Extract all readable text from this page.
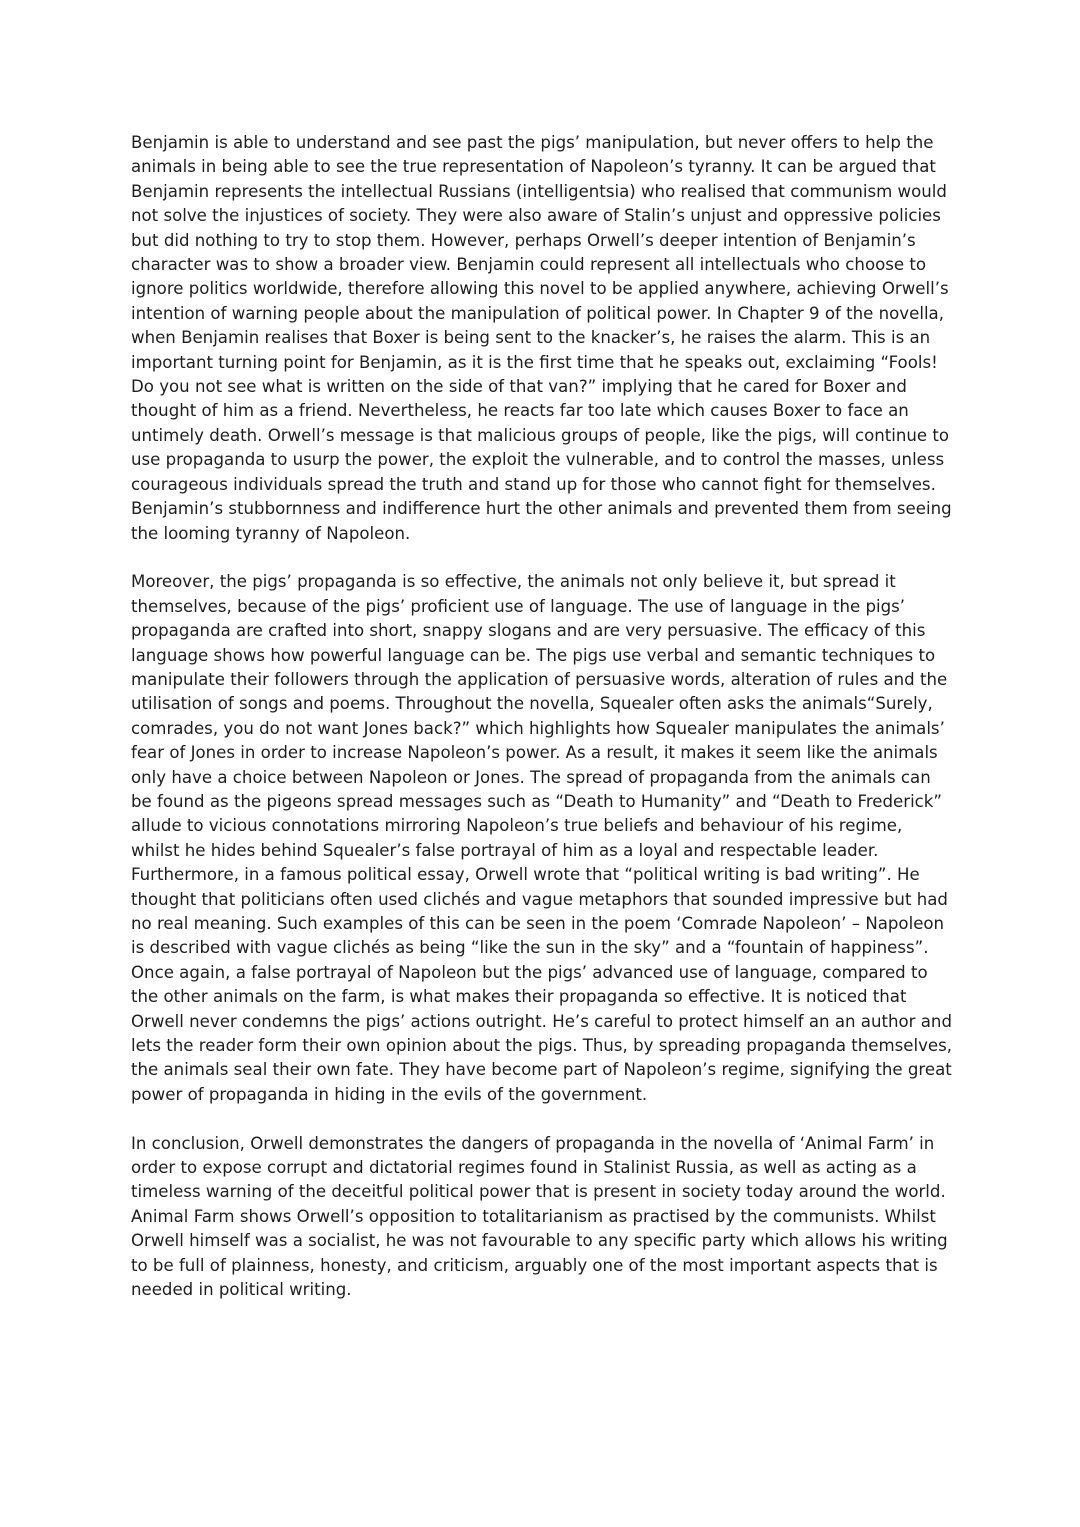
Benjamin is able to understand and see past the pigs’ manipulation, but never offers to help the animals in being able to see the true representation of Napoleon’s tyranny. It can be argued that Benjamin represents the intellectual Russians (intelligentsia) who realised that communism would not solve the injustices of society. They were also aware of Stalin’s unjust and oppressive policies but did nothing to try to stop them. However, perhaps Orwell’s deeper intention of Benjamin’s character was to show a broader view. Benjamin could represent all intellectuals who choose to ignore politics worldwide, therefore allowing this novel to be applied anywhere, achieving Orwell’s intention of warning people about the manipulation of political power. In Chapter 9 of the novella, when Benjamin realises that Boxer is being sent to the knacker’s, he raises the alarm. This is an important turning point for Benjamin, as it is the first time that he speaks out, exclaiming “Fools! Do you not see what is written on the side of that van?” implying that he cared for Boxer and thought of him as a friend. Nevertheless, he reacts far too late which causes Boxer to face an untimely death. Orwell’s message is that malicious groups of people, like the pigs, will continue to use propaganda to usurp the power, the exploit the vulnerable, and to control the masses, unless courageous individuals spread the truth and stand up for those who cannot fight for themselves. Benjamin’s stubbornness and indifference hurt the other animals and prevented them from seeing the looming tyranny of Napoleon.

Moreover, the pigs’ propaganda is so effective, the animals not only believe it, but spread it themselves, because of the pigs’ proficient use of language. The use of language in the pigs’ propaganda are crafted into short, snappy slogans and are very persuasive. The efficacy of this language shows how powerful language can be. The pigs use verbal and semantic techniques to manipulate their followers through the application of persuasive words, alteration of rules and the utilisation of songs and poems. Throughout the novella, Squealer often asks the animals“Surely, comrades, you do not want Jones back?” which highlights how Squealer manipulates the animals’ fear of Jones in order to increase Napoleon’s power. As a result, it makes it seem like the animals only have a choice between Napoleon or Jones. The spread of propaganda from the animals can be found as the pigeons spread messages such as “Death to Humanity” and “Death to Frederick” allude to vicious connotations mirroring Napoleon’s true beliefs and behaviour of his regime, whilst he hides behind Squealer’s false portrayal of him as a loyal and respectable leader. Furthermore, in a famous political essay, Orwell wrote that “political writing is bad writing”. He thought that politicians often used clichés and vague metaphors that sounded impressive but had no real meaning. Such examples of this can be seen in the poem ‘Comrade Napoleon’ – Napoleon is described with vague clichés as being “like the sun in the sky” and a “fountain of happiness”. Once again, a false portrayal of Napoleon but the pigs’ advanced use of language, compared to the other animals on the farm, is what makes their propaganda so effective. It is noticed that Orwell never condemns the pigs’ actions outright. He’s careful to protect himself an an author and lets the reader form their own opinion about the pigs. Thus, by spreading propaganda themselves, the animals seal their own fate. They have become part of Napoleon’s regime, signifying the great power of propaganda in hiding in the evils of the government.

In conclusion, Orwell demonstrates the dangers of propaganda in the novella of ‘Animal Farm’ in order to expose corrupt and dictatorial regimes found in Stalinist Russia, as well as acting as a timeless warning of the deceitful political power that is present in society today around the world. Animal Farm shows Orwell’s opposition to totalitarianism as practised by the communists. Whilst Orwell himself was a socialist, he was not favourable to any specific party which allows his writing to be full of plainness, honesty, and criticism, arguably one of the most important aspects that is needed in political writing.
